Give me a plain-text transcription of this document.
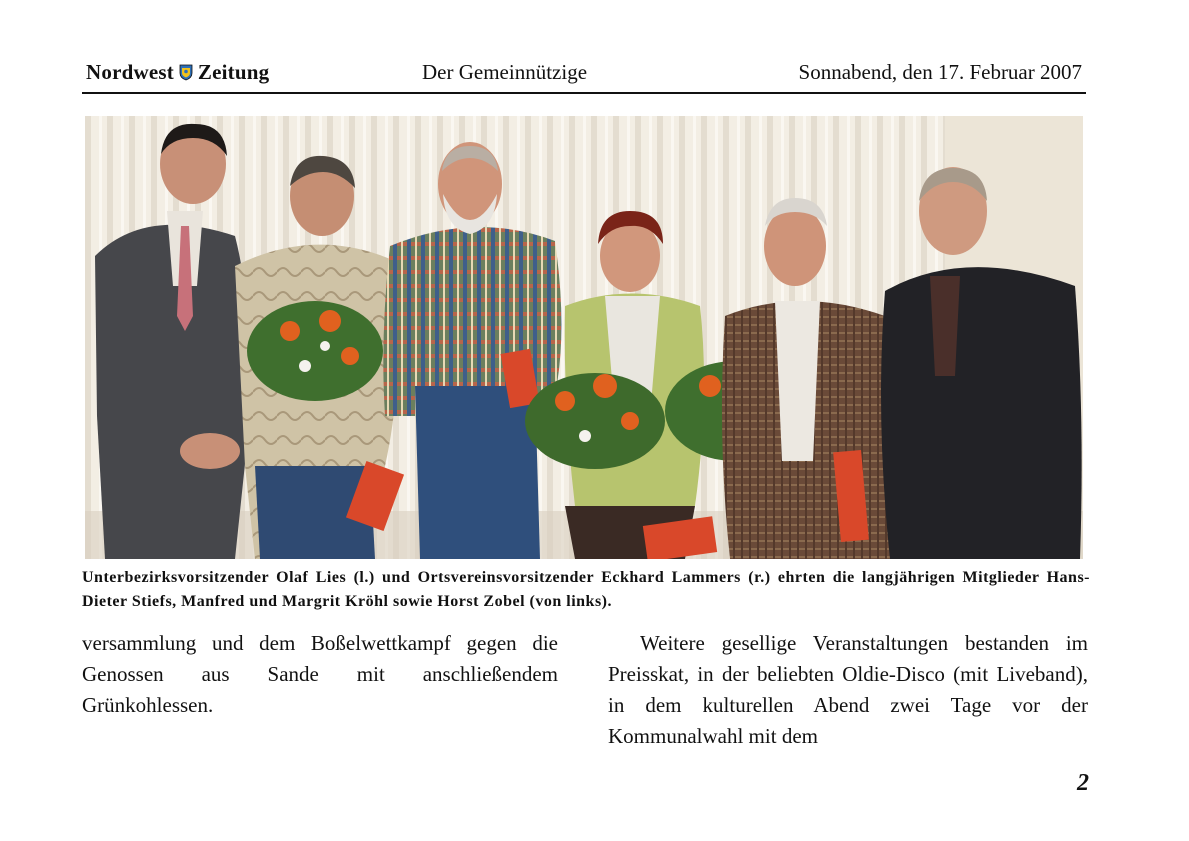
Nordwest Zeitung	Der Gemeinnützige	Sonnabend, den 17. Februar 2007
Unterbezirksvorsitzender Olaf Lies (l.) und Ortsvereinsvorsitzender Eckhard Lammers (r.) ehrten die langjährigen Mitglieder Hans-Dieter Stiefs, Manfred und Margrit Kröhl sowie Horst Zobel (von links).

versammlung und dem Boßelwettkampf gegen die Genossen aus Sande mit anschließendem Grünkohlessen.

Weitere gesellige Veranstaltungen bestanden im Preisskat, in der beliebten Oldie-Disco (mit Liveband), in dem kulturellen Abend zwei Tage vor der Kommunalwahl mit dem

2
